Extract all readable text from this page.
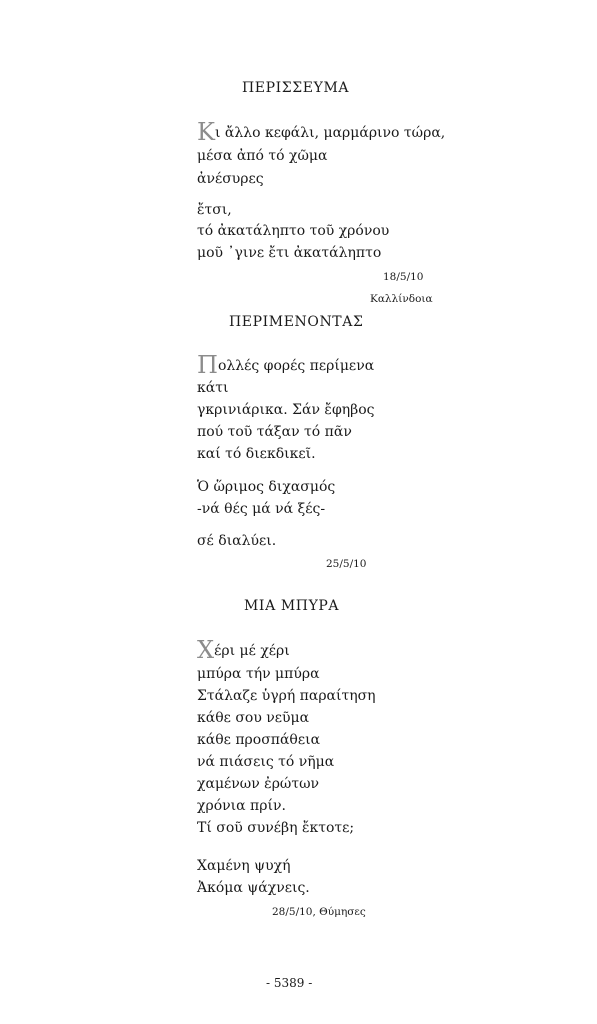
ΠΕΡΙΣΣΕΥΜΑ
Κι ἄλλο κεφάλι, μαρμάρινο τώρα,
μέσα ἀπό τό χῶμα
ἀνέσυρες
ἔτσι,
τό ἀκατάληπτο τοῦ χρόνου
μοῦ ᾽γινε ἔτι ἀκατάληπτο
18/5/10
Καλλίνδοια
ΠΕΡΙΜΕΝΟΝΤΑΣ
Πολλές φορές περίμενα
κάτι
γκρινιάρικα. Σάν ἔφηβος
πού τοῦ τάξαν τό πᾶν
καί τό διεκδικεῖ.
Ὁ ὥριμος διχασμός
-νά θές μά νά ξές-
σέ διαλύει.
25/5/10
ΜΙΑ ΜΠΥΡΑ
Χέρι μέ χέρι
μπύρα τήν μπύρα
Στάλαζε ὑγρή παραίτηση
κάθε σου νεῦμα
κάθε προσπάθεια
νά πιάσεις τό νῆμα
χαμένων ἐρώτων
χρόνια πρίν.
Τί σοῦ συνέβη ἔκτοτε;
Χαμένη ψυχή
Ἀκόμα ψάχνεις.
28/5/10, Θύμησες
- 5389 -
